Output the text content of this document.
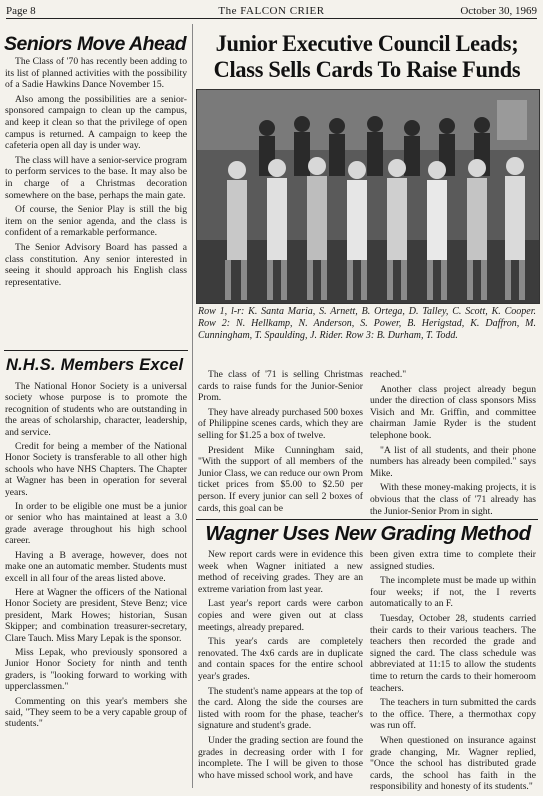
Page 8	The FALCON CRIER	October 30, 1969
Seniors Move Ahead

The Class of '70 has recently been adding to its list of planned activities with the possibility of a Sadie Hawkins Dance November 15.

Also among the possibilities are a senior-sponsored campaign to clean up the campus, and keep it clean so that the privilege of open campus is returned. A campaign to keep the cafeteria open all day is under way.

The class will have a senior-service program to perform services to the base. It may also be in charge of a Christmas decoration somewhere on the base, perhaps the main gate.

Of course, the Senior Play is still the big item on the senior agenda, and the class is confident of a remarkable performance.

The Senior Advisory Board has passed a class constitution. Any senior interested in seeing it should approach his English class representative.

N.H.S. Members Excel

The National Honor Society is a universal society whose purpose is to promote the recognition of students who are outstanding in the areas of scholarship, character, leadership, and service.

Credit for being a member of the National Honor Society is transferable to all other high schools who have NHS Chapters. The Chapter at Wagner has been in operation for several years.

In order to be eligible one must be a junior or senior who has maintained at least a 3.0 grade average throughout his high school career.

Having a B average, however, does not make one an automatic member. Students must excell in all four of the areas listed above.

Here at Wagner the officers of the National Honor Society are president, Steve Benz; vice president, Mark Howes; historian, Susan Skipper; and combination treasurer-secretary, Clare Tauch. Miss Mary Lepak is the sponsor.

Miss Lepak, who previously sponsored a Junior Honor Society for ninth and tenth graders, is "looking forward to working with upperclassmen."

Commenting on this year's members she said, "They seem to be a very capable group of students."

Junior Executive Council Leads;
Class Sells Cards To Raise Funds
Row 1, l-r: K. Santa Maria, S. Arnett, B. Ortega, D. Talley, C. Scott, K. Cooper. Row 2: N. Hellkamp, N. Anderson, S. Power, B. Herigstad, K. Daffron, M. Cunningham, T. Spaulding, J. Rider. Row 3: B. Durham, T. Todd.

The class of '71 is selling Christmas cards to raise funds for the Junior-Senior Prom.

They have already purchased 500 boxes of Philippine scenes cards, which they are selling for $1.25 a box of twelve.

President Mike Cunningham said, "With the support of all members of the Junior Class, we can reduce our own Prom ticket prices from $5.00 to $2.50 per person. If every junior can sell 2 boxes of cards, this goal can be

reached."

Another class project already begun under the direction of class sponsors Miss Visich and Mr. Griffin, and committee chairman Jamie Ryder is the student telephone book.

"A list of all students, and their phone numbers has already been compiled." says Mike.

With these money-making projects, it is obvious that the class of '71 already has the Junior-Senior Prom in sight.

Wagner Uses New Grading Method

New report cards were in evidence this week when Wagner initiated a new method of receiving grades. They are an extreme variation from last year.

Last year's report cards were carbon copies and were given out at class meetings, already prepared.

This year's cards are completely renovated. The 4x6 cards are in duplicate and contain spaces for the entire school year's grades.

The student's name appears at the top of the card. Along the side the courses are listed with room for the phase, teacher's signature and student's grade.

Under the grading section are found the grades in decreasing order with I for incomplete. The I will be given to those who have missed school work, and have

been given extra time to complete their assigned studies.

The incomplete must be made up within four weeks; if not, the I reverts automatically to an F.

Tuesday, October 28, students carried their cards to their various teachers. The teachers then recorded the grade and signed the card. The class schedule was abbreviated at 11:15 to allow the students time to return the cards to their homeroom teachers.

The teachers in turn submitted the cards to the office. There, a thermothax copy was run off.

When questioned on insurance against grade changing, Mr. Wagner replied, "Once the school has distributed grade cards, the school has faith in the responsibility and honesty of its students."
